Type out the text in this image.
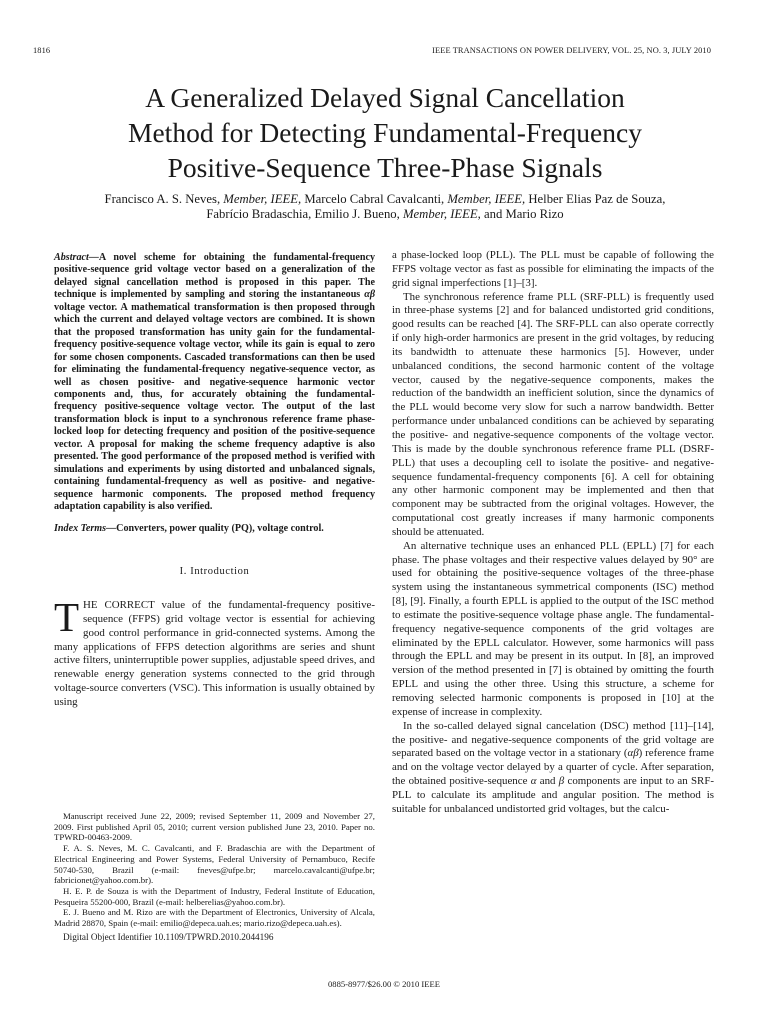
1816	IEEE TRANSACTIONS ON POWER DELIVERY, VOL. 25, NO. 3, JULY 2010
A Generalized Delayed Signal Cancellation
Method for Detecting Fundamental-Frequency
Positive-Sequence Three-Phase Signals
Francisco A. S. Neves, Member, IEEE, Marcelo Cabral Cavalcanti, Member, IEEE, Helber Elias Paz de Souza,
Fabrício Bradaschia, Emilio J. Bueno, Member, IEEE, and Mario Rizo

Abstract—A novel scheme for obtaining the fundamental-frequency positive-sequence grid voltage vector based on a generalization of the delayed signal cancellation method is proposed in this paper. The technique is implemented by sampling and storing the instantaneous αβ voltage vector. A mathematical transformation is then proposed through which the current and delayed voltage vectors are combined. It is shown that the proposed transformation has unity gain for the fundamental-frequency positive-sequence voltage vector, while its gain is equal to zero for some chosen components. Cascaded transformations can then be used for eliminating the fundamental-frequency negative-sequence vector, as well as chosen positive- and negative-sequence harmonic vector components and, thus, for accurately obtaining the fundamental-frequency positive-sequence voltage vector. The output of the last transformation block is input to a synchronous reference frame phase-locked loop for detecting frequency and position of the positive-sequence vector. A proposal for making the scheme frequency adaptive is also presented. The good performance of the proposed method is verified with simulations and experiments by using distorted and unbalanced signals, containing fundamental-frequency as well as positive- and negative-sequence harmonic components. The proposed method frequency adaptation capability is also verified.

Index Terms—Converters, power quality (PQ), voltage control.
I. Introduction
THE CORRECT value of the fundamental-frequency positive-sequence (FFPS) grid voltage vector is essential for achieving good control performance in grid-connected systems. Among the many applications of FFPS detection algorithms are series and shunt active filters, uninterruptible power supplies, adjustable speed drives, and renewable energy generation systems connected to the grid through voltage-source converters (VSC). This information is usually obtained by using

Manuscript received June 22, 2009; revised September 11, 2009 and November 27, 2009. First published April 05, 2010; current version published June 23, 2010. Paper no. TPWRD-00463-2009.

F. A. S. Neves, M. C. Cavalcanti, and F. Bradaschia are with the Department of Electrical Engineering and Power Systems, Federal University of Pernambuco, Recife 50740-530, Brazil (e-mail: fneves@ufpe.br; marcelo.cavalcanti@ufpe.br; fabricionet@yahoo.com.br).

H. E. P. de Souza is with the Department of Industry, Federal Institute of Education, Pesqueira 55200-000, Brazil (e-mail: helberelias@yahoo.com.br).

E. J. Bueno and M. Rizo are with the Department of Electronics, University of Alcala, Madrid 28870, Spain (e-mail: emilio@depeca.uah.es; mario.rizo@depeca.uah.es).

Digital Object Identifier 10.1109/TPWRD.2010.2044196

a phase-locked loop (PLL). The PLL must be capable of following the FFPS voltage vector as fast as possible for eliminating the impacts of the grid signal imperfections [1]–[3].

The synchronous reference frame PLL (SRF-PLL) is frequently used in three-phase systems [2] and for balanced undistorted grid conditions, good results can be reached [4]. The SRF-PLL can also operate correctly if only high-order harmonics are present in the grid voltages, by reducing its bandwidth to attenuate these harmonics [5]. However, under unbalanced conditions, the second harmonic content of the voltage vector, caused by the negative-sequence components, makes the reduction of the bandwidth an inefficient solution, since the dynamics of the PLL would become very slow for such a narrow bandwidth. Better performance under unbalanced conditions can be achieved by separating the positive- and negative-sequence components of the voltage vector. This is made by the double synchronous reference frame PLL (DSRF-PLL) that uses a decoupling cell to isolate the positive- and negative-sequence fundamental-frequency components [6]. A cell for obtaining any other harmonic component may be implemented and then that component may be subtracted from the original voltages. However, the computational cost greatly increases if many harmonic components should be attenuated.

An alternative technique uses an enhanced PLL (EPLL) [7] for each phase. The phase voltages and their respective values delayed by 90° are used for obtaining the positive-sequence voltages of the three-phase system using the instantaneous symmetrical components (ISC) method [8], [9]. Finally, a fourth EPLL is applied to the output of the ISC method to estimate the positive-sequence voltage phase angle. The fundamental-frequency negative-sequence components of the grid voltages are eliminated by the EPLL calculator. However, some harmonics will pass through the EPLL and may be present in its output. In [8], an improved version of the method presented in [7] is obtained by omitting the fourth EPLL and using the other three. Using this structure, a scheme for removing selected harmonic components is proposed in [10] at the expense of increase in complexity.

In the so-called delayed signal cancelation (DSC) method [11]–[14], the positive- and negative-sequence components of the grid voltage are separated based on the voltage vector in a stationary (αβ) reference frame and on the voltage vector delayed by a quarter of cycle. After separation, the obtained positive-sequence α and β components are input to an SRF-PLL to calculate its amplitude and angular position. The method is suitable for unbalanced undistorted grid voltages, but the calcu-

0885-8977/$26.00 © 2010 IEEE
